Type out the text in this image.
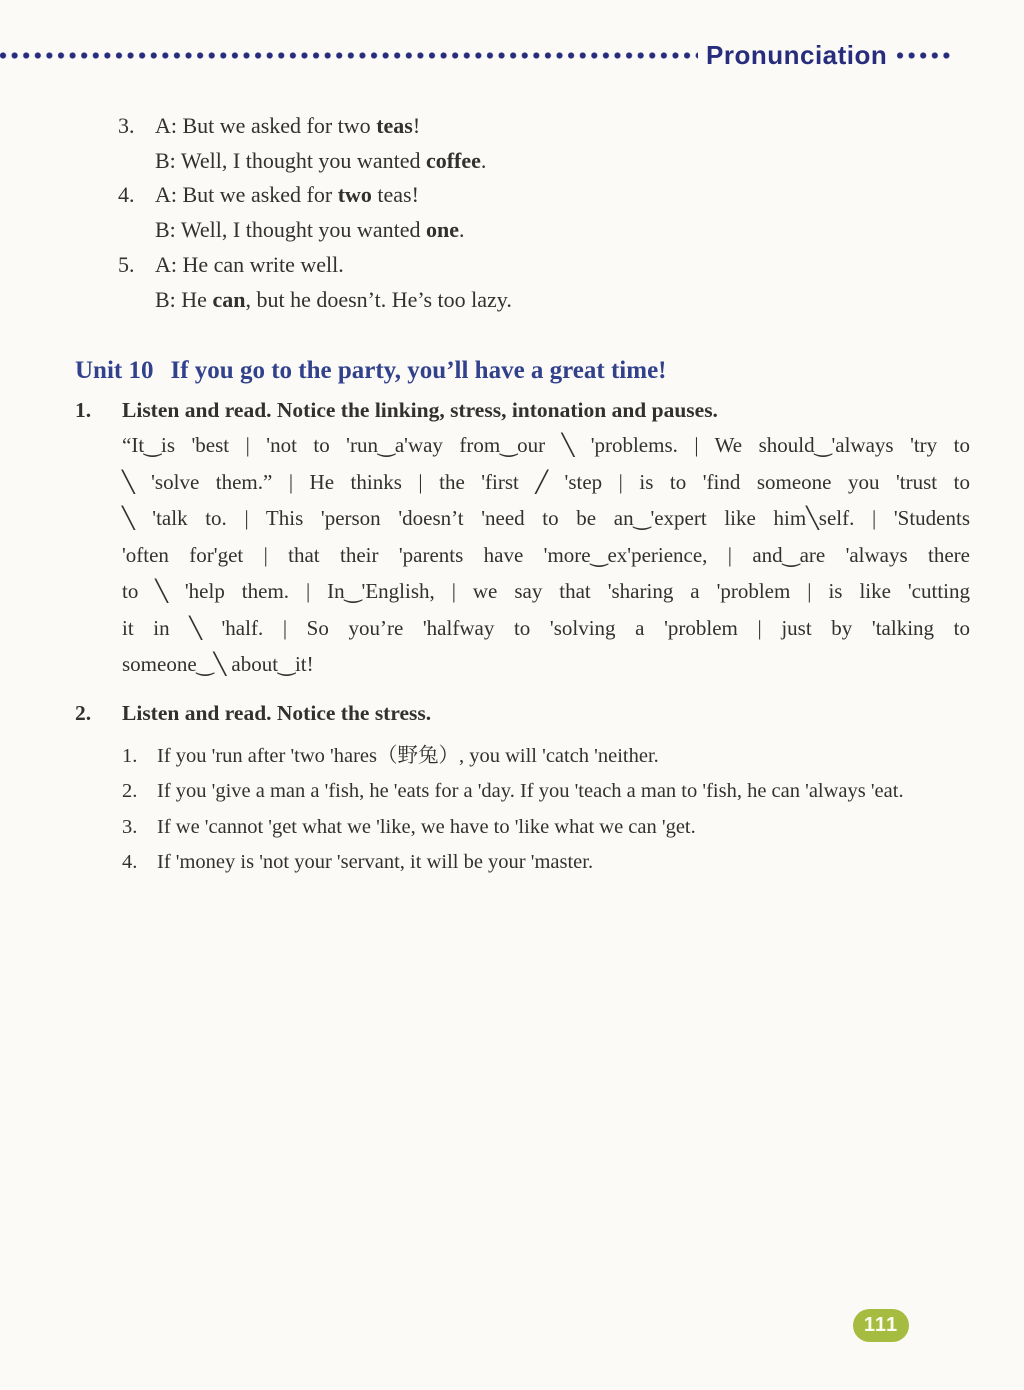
Pronunciation
3. A: But we asked for two teas!
B: Well, I thought you wanted coffee.
4. A: But we asked for two teas!
B: Well, I thought you wanted one.
5. A: He can write well.
B: He can, but he doesn’t. He’s too lazy.
Unit 10 If you go to the party, you’ll have a great time!
1.	Listen and read. Notice the linking, stress, intonation and pauses.
“It‿is 'best | 'not to 'run‿a'way from‿our ╲ 'problems. | We should‿'always 'try to
╲ 'solve them.” | He thinks | the 'first ╱ 'step | is to 'find someone you 'trust to
╲ 'talk to. | This 'person 'doesn’t 'need to be an‿'expert like him╲self. | 'Students
'often for'get | that their 'parents have 'more‿ex'perience, | and‿are 'always there
to ╲ 'help them. | In‿'English, | we say that 'sharing a 'problem | is like 'cutting
it in ╲ 'half. | So you’re 'halfway to 'solving a 'problem | just by 'talking to
someone‿╲ about‿it!
2.	Listen and read. Notice the stress.
1. If you 'run after 'two 'hares（野兔）, you will 'catch 'neither.
2. If you 'give a man a 'fish, he 'eats for a 'day. If you 'teach a man to 'fish, he can 'always 'eat.
3. If we 'cannot 'get what we 'like, we have to 'like what we can 'get.
4. If 'money is 'not your 'servant, it will be your 'master.
111
